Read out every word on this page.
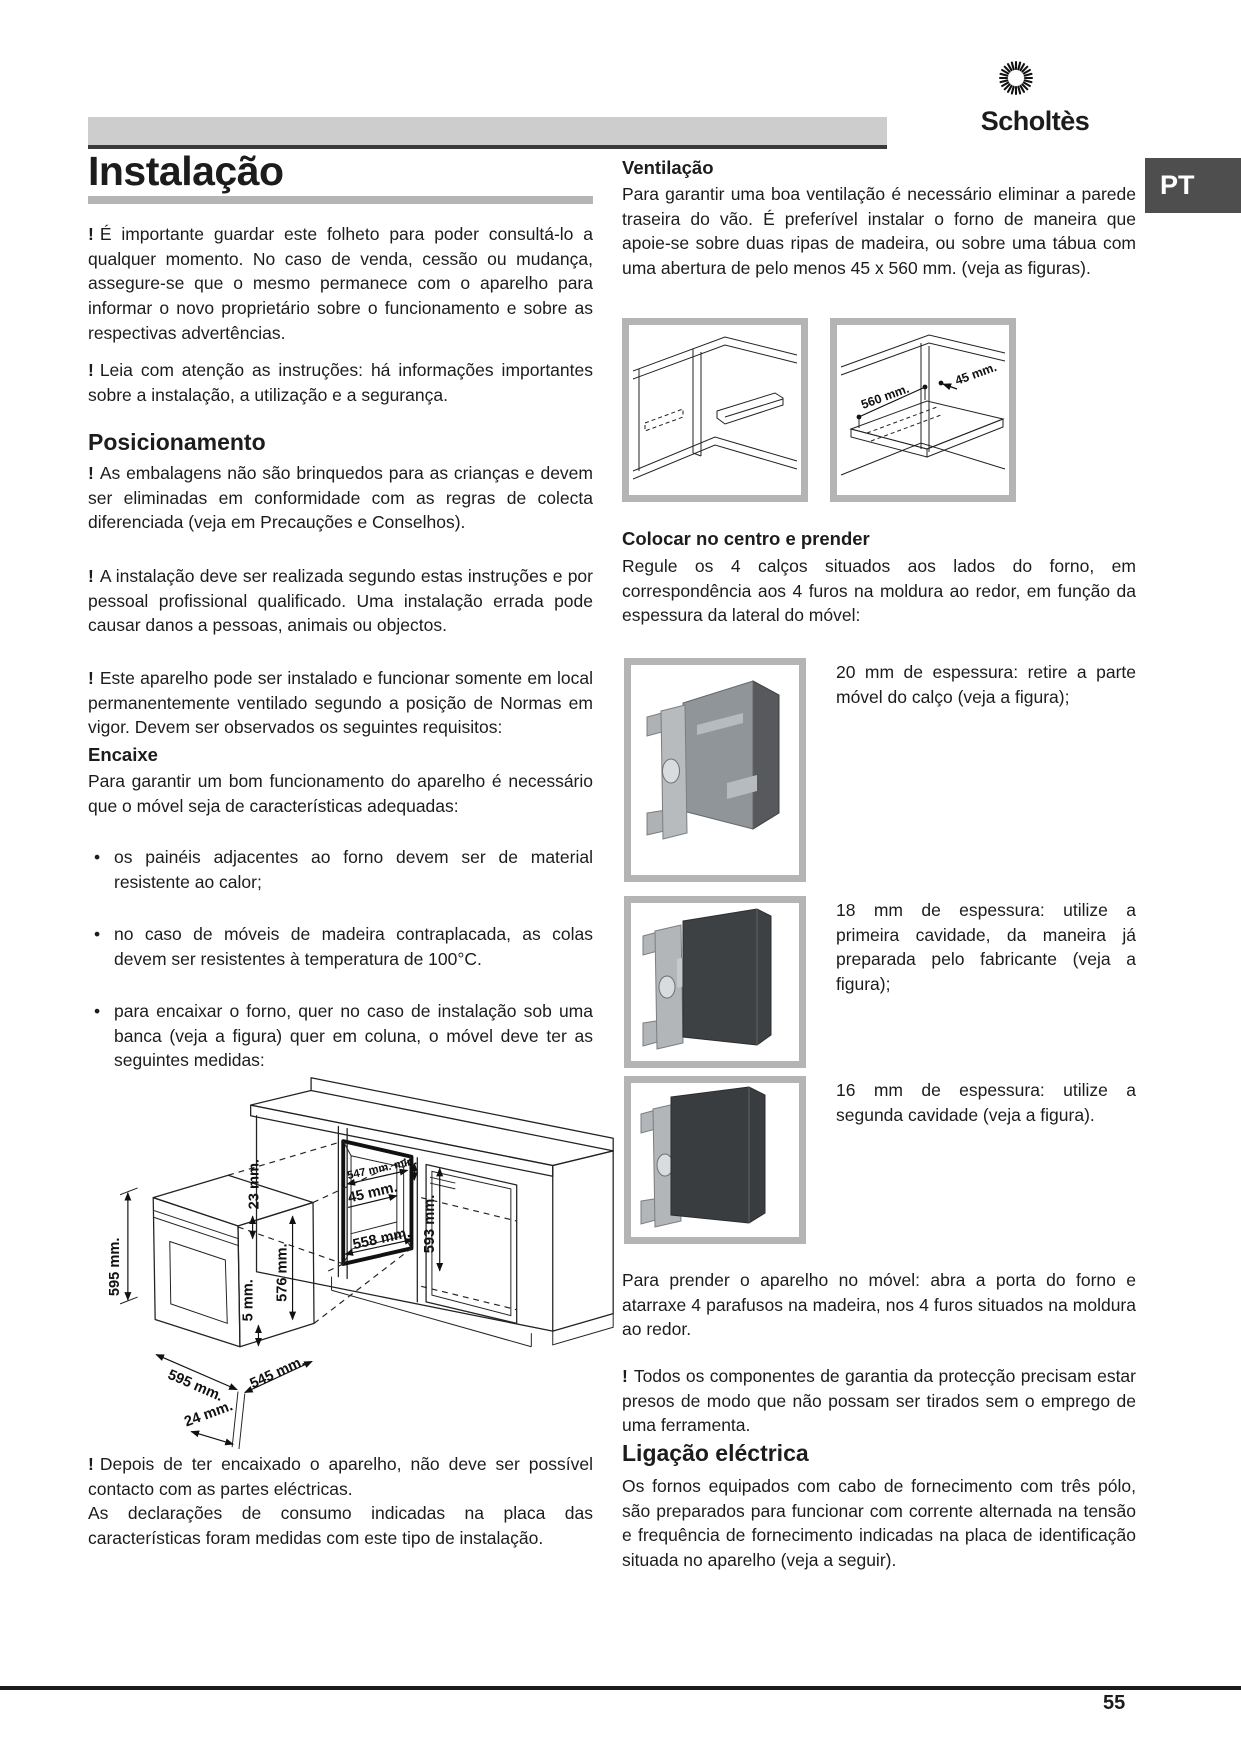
Scholtès
PT
Instalação
! É importante guardar este folheto para poder consultá-lo a qualquer momento. No caso de venda, cessão ou mudança, assegure-se que o mesmo permanece com o aparelho para informar o novo proprietário sobre o funcionamento e sobre as respectivas advertências.
! Leia com atenção as instruções: há informações importantes sobre a instalação, a utilização e a segurança.
Posicionamento
! As embalagens não são brinquedos para as crianças e devem ser eliminadas em conformidade com as regras de colecta diferenciada (veja em Precauções e Conselhos).
! A instalação deve ser realizada segundo estas instruções e por pessoal profissional qualificado. Uma instalação errada pode causar danos a pessoas, animais ou objectos.
! Este aparelho pode ser instalado e funcionar somente em local permanentemente ventilado segundo a posição de Normas em vigor. Devem ser observados os seguintes requisitos:
Encaixe
Para garantir um bom funcionamento do aparelho é necessário que o móvel seja de características adequadas:
• os painéis adjacentes ao forno devem ser de material resistente ao calor;
• no caso de móveis de madeira contraplacada, as colas devem ser resistentes à temperatura de 100°C.
• para encaixar o forno, quer no caso de instalação sob uma banca (veja a figura) quer em coluna, o móvel deve ter as seguintes medidas:
595 mm.
23 mm.
576 mm.
5 mm.
595 mm. 545 mm.
24 mm.
547 mm. min.
45 mm.
558 mm. 593 mm.
! Depois de ter encaixado o aparelho, não deve ser possível contacto com as partes eléctricas.
As declarações de consumo indicadas na placa das características foram medidas com este tipo de instalação.
Ventilação
Para garantir uma boa ventilação é necessário eliminar a parede traseira do vão. É preferível instalar o forno de maneira que apoie-se sobre duas ripas de madeira, ou sobre uma tábua com uma abertura de pelo menos 45 x 560 mm. (veja as figuras).
560 mm.
45 mm.
Colocar no centro e prender
Regule os 4 calços situados aos lados do forno, em correspondência aos 4 furos na moldura ao redor, em função da espessura da lateral do móvel:
20 mm de espessura: retire a parte móvel do calço (veja a figura);
18 mm de espessura: utilize a primeira cavidade, da maneira já preparada pelo fabricante (veja a figura);
16 mm de espessura: utilize a segunda cavidade (veja a figura).
Para prender o aparelho no móvel: abra a porta do forno e atarraxe 4 parafusos na madeira, nos 4 furos situados na moldura ao redor.
! Todos os componentes de garantia da protecção precisam estar presos de modo que não possam ser tirados sem o emprego de uma ferramenta.
Ligação eléctrica
Os fornos equipados com cabo de fornecimento com três pólo, são preparados para funcionar com corrente alternada na tensão e frequência de fornecimento indicadas na placa de identificação situada no aparelho (veja a seguir).
55
